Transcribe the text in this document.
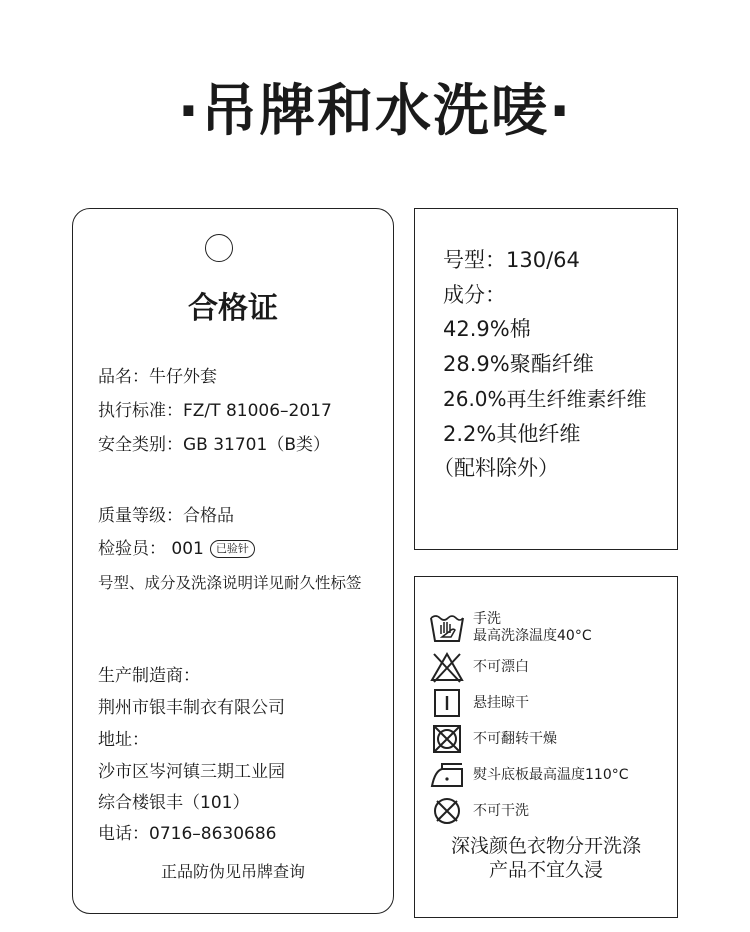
·吊牌和水洗唛·
合格证
品名：牛仔外套
执行标准：FZ/T 81006–2017
安全类别：GB 31701（B类）
质量等级：合格品
检验员： 001 已验针
号型、成分及洗涤说明详见耐久性标签
生产制造商：
荆州市银丰制衣有限公司
地址：
沙市区岑河镇三期工业园
综合楼银丰（101）
电话：0716–8630686
正品防伪见吊牌查询
号型：130/64
成分：
42.9%棉
28.9%聚酯纤维
26.0%再生纤维素纤维
2.2%其他纤维
（配料除外）
手洗
最高洗涤温度40°C
不可漂白
悬挂晾干
不可翻转干燥
熨斗底板最高温度110°C
不可干洗
深浅颜色衣物分开洗涤
产品不宜久浸
